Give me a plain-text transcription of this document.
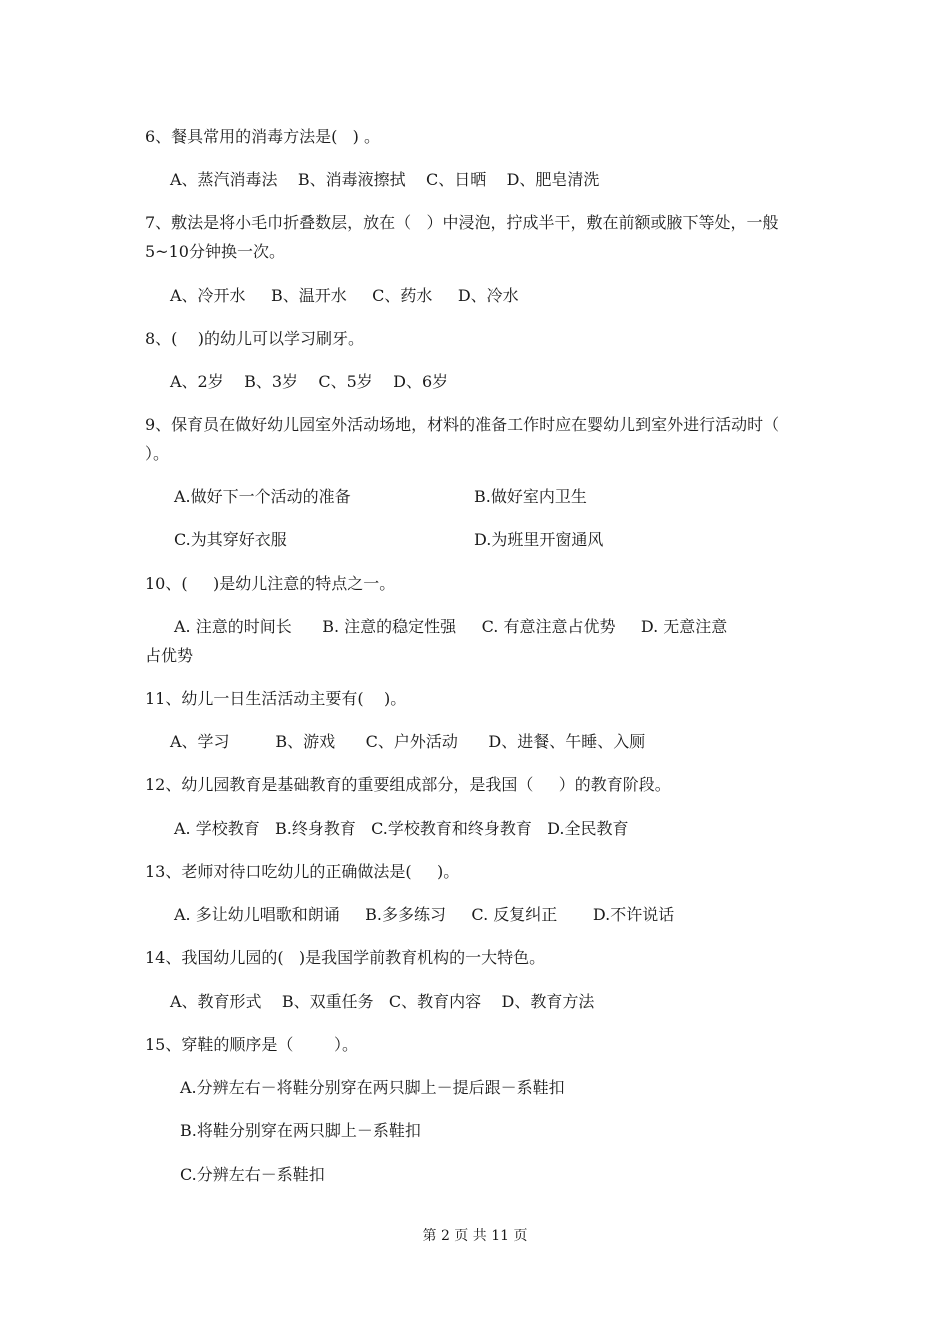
6、餐具常用的消毒方法是(   ) 。
A、蒸汽消毒法    B、消毒液擦拭    C、日晒    D、肥皂清洗
7、敷法是将小毛巾折叠数层，放在（   ）中浸泡，拧成半干，敷在前额或腋下等处，一般
5~10分钟换一次。
A、冷开水     B、温开水     C、药水     D、冷水
8、(    )的幼儿可以学习刷牙。
A、2岁    B、3岁    C、5岁    D、6岁
9、保育员在做好幼儿园室外活动场地，材料的准备工作时应在婴幼儿到室外进行活动时（
）。
A.做好下一个活动的准备	B.做好室内卫生
C.为其穿好衣服	D.为班里开窗通风
10、(     )是幼儿注意的特点之一。
A. 注意的时间长      B. 注意的稳定性强     C. 有意注意占优势     D. 无意注意
占优势
11、幼儿一日生活活动主要有(    )。
A、学习         B、游戏      C、户外活动      D、进餐、午睡、入厕
12、幼儿园教育是基础教育的重要组成部分，是我国（     ）的教育阶段。
A. 学校教育   B.终身教育   C.学校教育和终身教育   D.全民教育
13、老师对待口吃幼儿的正确做法是(     )。
A. 多让幼儿唱歌和朗诵     B.多多练习     C. 反复纠正       D.不许说话
14、我国幼儿园的(   )是我国学前教育机构的一大特色。
A、教育形式    B、双重任务   C、教育内容    D、教育方法
15、穿鞋的顺序是（        ）。
A.分辨左右－将鞋分别穿在两只脚上－提后跟－系鞋扣
B.将鞋分别穿在两只脚上－系鞋扣
C.分辨左右－系鞋扣
第 2 页 共 11 页
